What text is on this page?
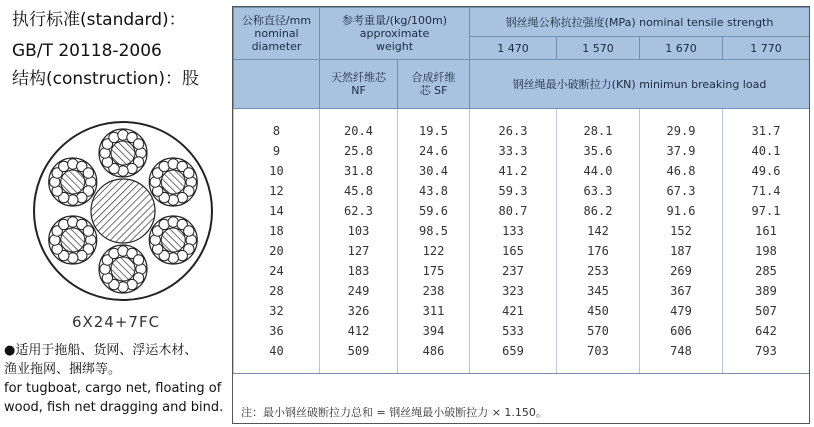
执行标准(standard)：
GB/T 20118-2006
结构(construction)：股
6X24+7FC
●适用于拖船、货网、浮运木材、
渔业拖网、捆绑等。
for tugboat, cargo net, floating of
wood, fish net dragging and bind.
公称直径/mm nominal diameter	参考重量/(kg/100m) approximate weight		钢丝绳公称抗拉强度(MPa) nominal tensile strength			
			1 470	1 570	1 670	1 770
	天然纤维芯 NF	合成纤维芯 SF	钢丝绳最小破断拉力(KN) minimun breaking load			

8	20.4	19.5	26.3	28.1	29.9	31.7
9	25.8	24.6	33.3	35.6	37.9	40.1
10	31.8	30.4	41.2	44.0	46.8	49.6
12	45.8	43.8	59.3	63.3	67.3	71.4
14	62.3	59.6	80.7	86.2	91.6	97.1
18	103	98.5	133	142	152	161
20	127	122	165	176	187	198
24	183	175	237	253	269	285
28	249	238	323	345	367	389
32	326	311	421	450	479	507
36	412	394	533	570	606	642
40	509	486	659	703	748	793

注：最小钢丝破断拉力总和 = 钢丝绳最小破断拉力 × 1.150。
